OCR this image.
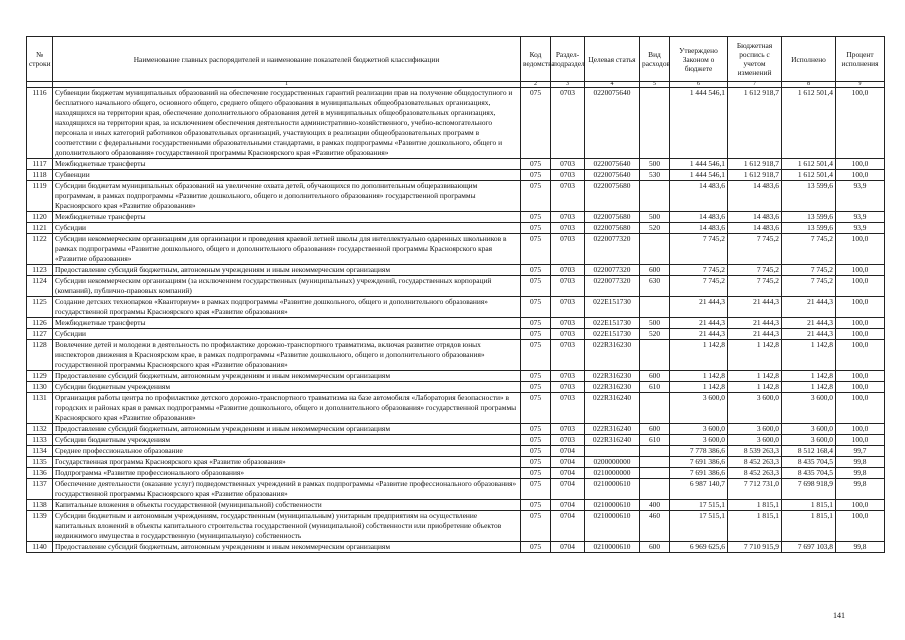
№ строки	Наименование главных распорядителей и наименование показателей бюджетной классификации	Код ведомства	Раздел-подраздел	Целевая статья	Вид расходов	Утверждено Законом о бюджете	Бюджетная роспись с учетом изменений	Исполнено	Процент исполнения
	1	2	3	4	5	6	7	8	9
1116	Субвенции бюджетам муниципальных образований на обеспечение государственных гарантий реализации прав на получение общедоступного и бесплатного начального общего, основного общего, среднего общего образования в муниципальных общеобразовательных организациях, находящихся на территории края, обеспечение дополнительного образования детей в муниципальных общеобразовательных организациях, находящихся на территории края, за исключением обеспечения деятельности административно-хозяйственного, учебно-вспомогательного персонала и иных категорий работников образовательных организаций, участвующих в реализации общеобразовательных программ в соответствии с федеральными государственными образовательными стандартами, в рамках подпрограммы «Развитие дошкольного, общего и дополнительного образования» государственной программы Красноярского края «Развитие образования»	075	0703	0220075640		1 444 546,1	1 612 918,7	1 612 501,4	100,0
1117	Межбюджетные трансферты	075	0703	0220075640	500	1 444 546,1	1 612 918,7	1 612 501,4	100,0
1118	Субвенции	075	0703	0220075640	530	1 444 546,1	1 612 918,7	1 612 501,4	100,0
1119	Субсидии бюджетам муниципальных образований на увеличение охвата детей, обучающихся по дополнительным общеразвивающим программам, в рамках подпрограммы «Развитие дошкольного, общего и дополнительного образования» государственной программы Красноярского края «Развитие образования»	075	0703	0220075680		14 483,6	14 483,6	13 599,6	93,9
1120	Межбюджетные трансферты	075	0703	0220075680	500	14 483,6	14 483,6	13 599,6	93,9
1121	Субсидии	075	0703	0220075680	520	14 483,6	14 483,6	13 599,6	93,9
1122	Субсидии некоммерческим организациям для организации и проведения краевой летней школы для интеллектуально одаренных школьников в рамках подпрограммы «Развитие дошкольного, общего и дополнительного образования» государственной программы Красноярского края «Развитие образования»	075	0703	0220077320		7 745,2	7 745,2	7 745,2	100,0
1123	Предоставление субсидий бюджетным, автономным учреждениям и иным некоммерческим организациям	075	0703	0220077320	600	7 745,2	7 745,2	7 745,2	100,0
1124	Субсидии некоммерческим организациям (за исключением государственных (муниципальных) учреждений, государственных корпораций (компаний), публично-правовых компаний)	075	0703	0220077320	630	7 745,2	7 745,2	7 745,2	100,0
1125	Создание детских технопарков «Кванториум» в рамках подпрограммы «Развитие дошкольного, общего и дополнительного образования» государственной программы Красноярского края «Развитие образования»	075	0703	022E151730		21 444,3	21 444,3	21 444,3	100,0
1126	Межбюджетные трансферты	075	0703	022E151730	500	21 444,3	21 444,3	21 444,3	100,0
1127	Субсидии	075	0703	022E151730	520	21 444,3	21 444,3	21 444,3	100,0
1128	Вовлечение детей и молодежи в деятельность по профилактике дорожно-транспортного травматизма, включая развитие отрядов юных инспекторов движения в Красноярском крае, в рамках подпрограммы «Развитие дошкольного, общего и дополнительного образования» государственной программы Красноярского края «Развитие образования»	075	0703	022R316230		1 142,8	1 142,8	1 142,8	100,0
1129	Предоставление субсидий бюджетным, автономным учреждениям и иным некоммерческим организациям	075	0703	022R316230	600	1 142,8	1 142,8	1 142,8	100,0
1130	Субсидии бюджетным учреждениям	075	0703	022R316230	610	1 142,8	1 142,8	1 142,8	100,0
1131	Организация работы центра по профилактике детского дорожно-транспортного травматизма на базе автомобиля «Лаборатория безопасности» в городских и районах края в рамках подпрограммы «Развитие дошкольного, общего и дополнительного образования» государственной программы Красноярского края «Развитие образования»	075	0703	022R316240		3 600,0	3 600,0	3 600,0	100,0
1132	Предоставление субсидий бюджетным, автономным учреждениям и иным некоммерческим организациям	075	0703	022R316240	600	3 600,0	3 600,0	3 600,0	100,0
1133	Субсидии бюджетным учреждениям	075	0703	022R316240	610	3 600,0	3 600,0	3 600,0	100,0
1134	Среднее профессиональное образование	075	0704			7 778 386,6	8 539 263,3	8 512 168,4	99,7
1135	Государственная программа Красноярского края «Развитие образования»	075	0704	0200000000		7 691 386,6	8 452 263,3	8 435 704,5	99,8
1136	Подпрограмма «Развитие профессионального образования»	075	0704	0210000000		7 691 386,6	8 452 263,3	8 435 704,5	99,8
1137	Обеспечение деятельности (оказание услуг) подведомственных учреждений в рамках подпрограммы «Развитие профессионального образования» государственной программы Красноярского края «Развитие образования»	075	0704	0210000610		6 987 140,7	7 712 731,0	7 698 918,9	99,8
1138	Капитальные вложения в объекты государственной (муниципальной) собственности	075	0704	0210000610	400	17 515,1	1 815,1	1 815,1	100,0
1139	Субсидии бюджетным и автономным учреждениям, государственным (муниципальным) унитарным предприятиям на осуществление капитальных вложений в объекты капитального строительства государственной (муниципальной) собственности или приобретение объектов недвижимого имущества в государственную (муниципальную) собственность	075	0704	0210000610	460	17 515,1	1 815,1	1 815,1	100,0
1140	Предоставление субсидий бюджетным, автономным учреждениям и иным некоммерческим организациям	075	0704	0210000610	600	6 969 625,6	7 710 915,9	7 697 103,8	99,8
141
